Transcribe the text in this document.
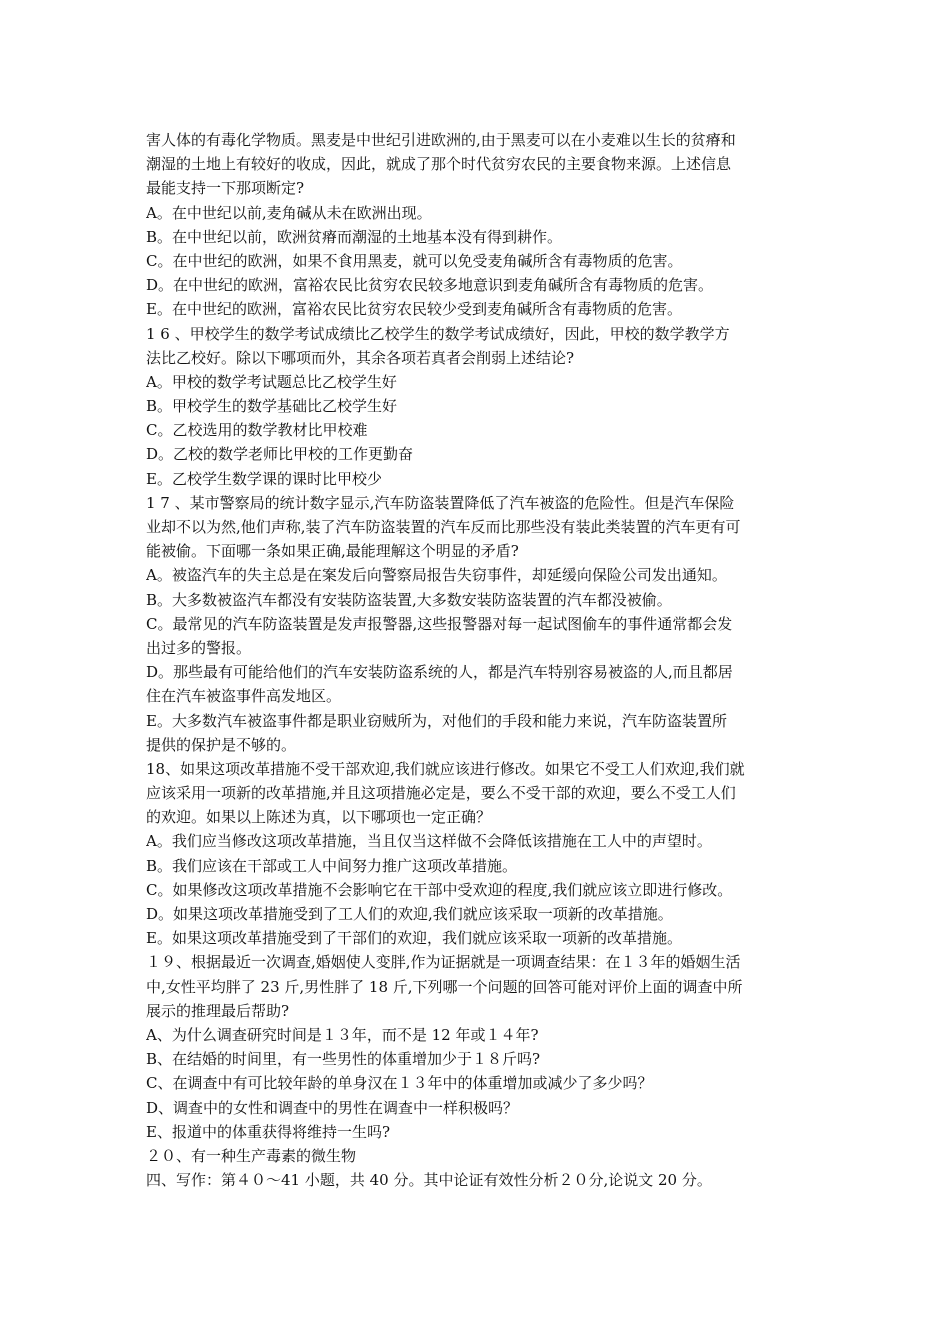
害人体的有毒化学物质。黑麦是中世纪引进欧洲的,由于黑麦可以在小麦难以生长的贫瘠和
潮湿的土地上有较好的收成，因此，就成了那个时代贫穷农民的主要食物来源。上述信息
最能支持一下那项断定?
A。在中世纪以前,麦角碱从未在欧洲出现。
B。在中世纪以前，欧洲贫瘠而潮湿的土地基本没有得到耕作。
C。在中世纪的欧洲，如果不食用黑麦，就可以免受麦角碱所含有毒物质的危害。
D。在中世纪的欧洲，富裕农民比贫穷农民较多地意识到麦角碱所含有毒物质的危害。
E。在中世纪的欧洲，富裕农民比贫穷农民较少受到麦角碱所含有毒物质的危害。
1 6 、甲校学生的数学考试成绩比乙校学生的数学考试成绩好，因此，甲校的数学教学方
法比乙校好。除以下哪项而外，其余各项若真者会削弱上述结论?
A。甲校的数学考试题总比乙校学生好
B。甲校学生的数学基础比乙校学生好
C。乙校选用的数学教材比甲校难
D。乙校的数学老师比甲校的工作更勤奋
E。乙校学生数学课的课时比甲校少
1 7 、某市警察局的统计数字显示,汽车防盗装置降低了汽车被盗的危险性。但是汽车保险
业却不以为然,他们声称,装了汽车防盗装置的汽车反而比那些没有装此类装置的汽车更有可
能被偷。下面哪一条如果正确,最能理解这个明显的矛盾?
A。被盗汽车的失主总是在案发后向警察局报告失窃事件，却延缓向保险公司发出通知。
B。大多数被盗汽车都没有安装防盗装置,大多数安装防盗装置的汽车都没被偷。
C。最常见的汽车防盗装置是发声报警器,这些报警器对每一起试图偷车的事件通常都会发
出过多的警报。
D。那些最有可能给他们的汽车安装防盗系统的人，都是汽车特别容易被盗的人,而且都居
住在汽车被盗事件高发地区。
E。大多数汽车被盗事件都是职业窃贼所为，对他们的手段和能力来说，汽车防盗装置所
提供的保护是不够的。
18、如果这项改革措施不受干部欢迎,我们就应该进行修改。如果它不受工人们欢迎,我们就
应该采用一项新的改革措施,并且这项措施必定是，要么不受干部的欢迎，要么不受工人们
的欢迎。如果以上陈述为真，以下哪项也一定正确？
A。我们应当修改这项改革措施，当且仅当这样做不会降低该措施在工人中的声望时。
B。我们应该在干部或工人中间努力推广这项改革措施。
C。如果修改这项改革措施不会影响它在干部中受欢迎的程度,我们就应该立即进行修改。
D。如果这项改革措施受到了工人们的欢迎,我们就应该采取一项新的改革措施。
E。如果这项改革措施受到了干部们的欢迎，我们就应该采取一项新的改革措施。
１９、根据最近一次调查,婚姻使人变胖,作为证据就是一项调查结果：在１３年的婚姻生活
中,女性平均胖了 23 斤,男性胖了 18 斤,下列哪一个问题的回答可能对评价上面的调查中所
展示的推理最后帮助?
A、为什么调查研究时间是１３年，而不是 12 年或１４年?
B、在结婚的时间里，有一些男性的体重增加少于１８斤吗?
C、在调查中有可比较年龄的单身汉在１３年中的体重增加或减少了多少吗？
D、调查中的女性和调查中的男性在调查中一样积极吗？
E、报道中的体重获得将维持一生吗?
２０、有一种生产毒素的微生物
四、写作：第４０～41 小题，共 40 分。其中论证有效性分析２０分,论说文 20 分。
